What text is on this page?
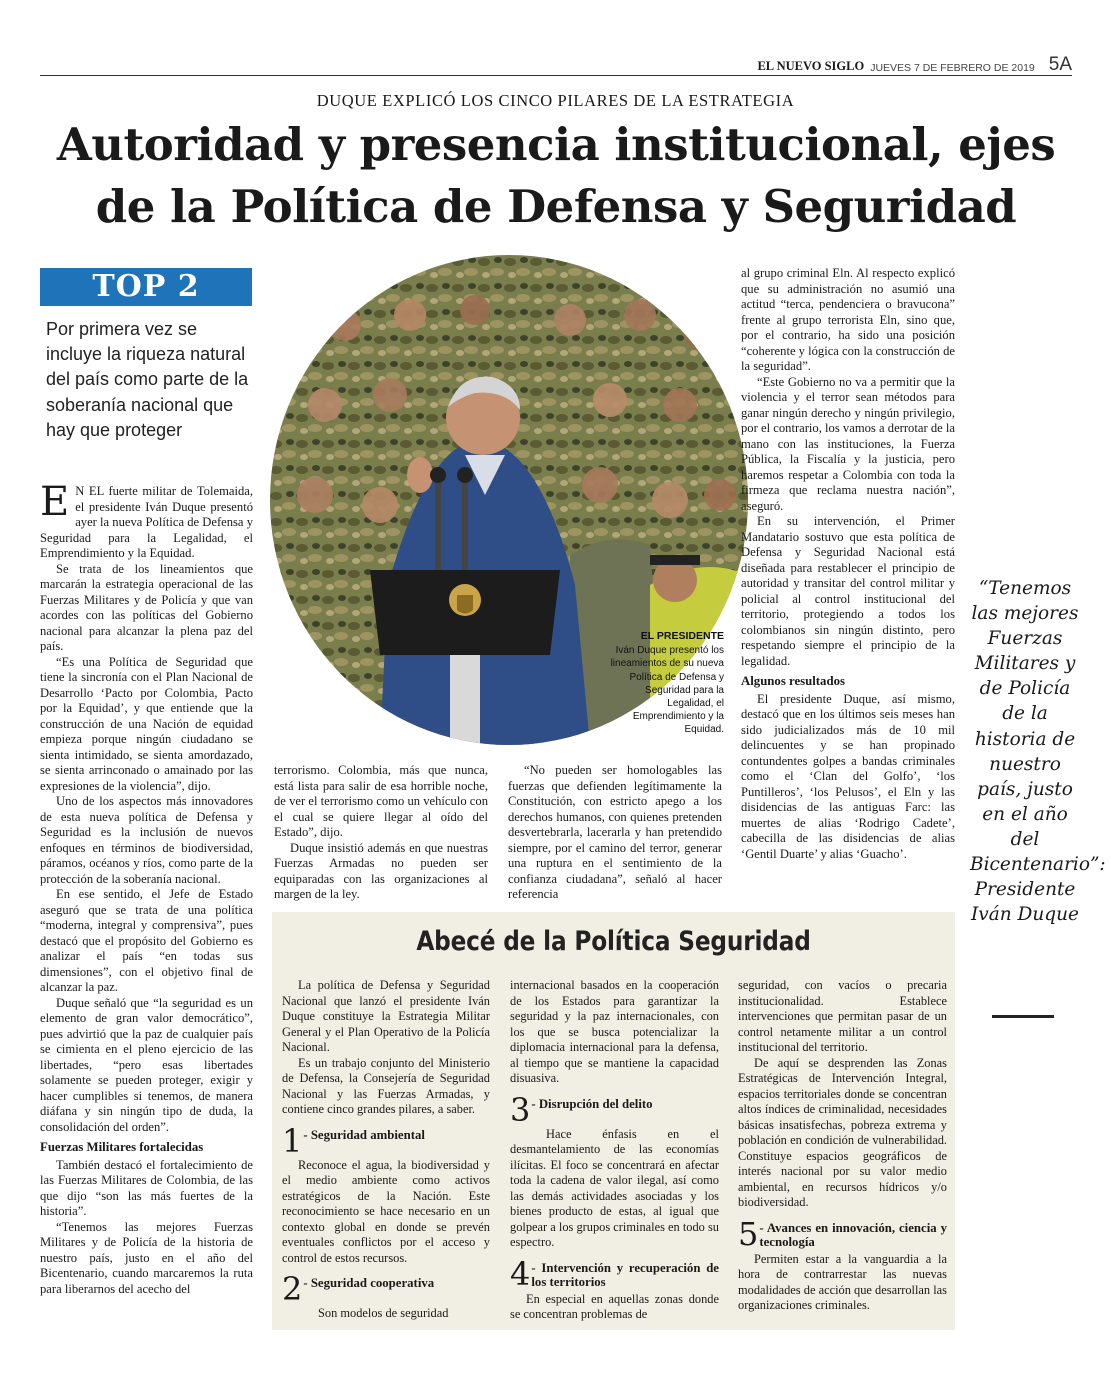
EL NUEVO SIGLO JUEVES 7 DE FEBRERO DE 2019 5A
DUQUE EXPLICÓ LOS CINCO PILARES DE LA ESTRATEGIA
Autoridad y presencia institucional, ejes
de la Política de Defensa y Seguridad
TOP 2
Por primera vez se incluye la riqueza natural del país como parte de la soberanía nacional que hay que proteger

E N EL fuerte militar de Tolemaida, el presidente Iván Duque presentó ayer la nueva Política de Defensa y Seguridad para la Legalidad, el Emprendimiento y la Equidad.

Se trata de los lineamientos que marcarán la estrategia operacional de las Fuerzas Militares y de Policía y que van acordes con las políticas del Gobierno nacional para alcanzar la plena paz del país.

“Es una Política de Seguridad que tiene la sincronía con el Plan Nacional de Desarrollo ‘Pacto por Colombia, Pacto por la Equidad’, y que entiende que la construcción de una Nación de equidad empieza porque ningún ciudadano se sienta intimidado, se sienta amordazado, se sienta arrinconado o amainado por las expresiones de la violencia”, dijo.

Uno de los aspectos más innovadores de esta nueva política de Defensa y Seguridad es la inclusión de nuevos enfoques en términos de biodiversidad, páramos, océanos y ríos, como parte de la protección de la soberanía nacional.

En ese sentido, el Jefe de Estado aseguró que se trata de una política “moderna, integral y comprensiva”, pues destacó que el propósito del Gobierno es analizar el país “en todas sus dimensiones”, con el objetivo final de alcanzar la paz.

Duque señaló que “la seguridad es un elemento de gran valor democrático”, pues advirtió que la paz de cualquier país se cimienta en el pleno ejercicio de las libertades, “pero esas libertades solamente se pueden proteger, exigir y hacer cumplibles si tenemos, de manera diáfana y sin ningún tipo de duda, la consolidación del orden”.

Fuerzas Militares fortalecidas

También destacó el fortalecimiento de las Fuerzas Militares de Colombia, de las que dijo “son las más fuertes de la historia”.

“Tenemos las mejores Fuerzas Militares y de Policía de la historia de nuestro país, justo en el año del Bicentenario, cuando marcaremos la ruta para liberarnos del acecho del

EL PRESIDENTE
Iván Duque presentó los lineamientos de su nueva Política de Defensa y Seguridad para la Legalidad, el Emprendimiento y la Equidad.

terrorismo. Colombia, más que nunca, está lista para salir de esa horrible noche, de ver el terrorismo como un vehículo con el cual se quiere llegar al oído del Estado”, dijo.

Duque insistió además en que nuestras Fuerzas Armadas no pueden ser equiparadas con las organizaciones al margen de la ley.

“No pueden ser homologables las fuerzas que defienden legítimamente la Constitución, con estricto apego a los derechos humanos, con quienes pretenden desvertebrarla, lacerarla y han pretendido siempre, por el camino del terror, generar una ruptura en el sentimiento de la confianza ciudadana”, señaló al hacer referencia

al grupo criminal Eln. Al respecto explicó que su administración no asumió una actitud “terca, pendenciera o bravucona” frente al grupo terrorista Eln, sino que, por el contrario, ha sido una posición “coherente y lógica con la construcción de la seguridad”.

“Este Gobierno no va a permitir que la violencia y el terror sean métodos para ganar ningún derecho y ningún privilegio, por el contrario, los vamos a derrotar de la mano con las instituciones, la Fuerza Pública, la Fiscalía y la justicia, pero haremos respetar a Colombia con toda la firmeza que reclama nuestra nación”, aseguró.

En su intervención, el Primer Mandatario sostuvo que esta política de Defensa y Seguridad Nacional está diseñada para restablecer el principio de autoridad y transitar del control militar y policial al control institucional del territorio, protegiendo a todos los colombianos sin ningún distinto, pero respetando siempre el principio de la legalidad.

Algunos resultados

El presidente Duque, así mismo, destacó que en los últimos seis meses han sido judicializados más de 10 mil delincuentes y se han propinado contundentes golpes a bandas criminales como el ‘Clan del Golfo’, ‘los Puntilleros’, ‘los Pelusos’, el Eln y las disidencias de las antiguas Farc: las muertes de alias ‘Rodrigo Cadete’, cabecilla de las disidencias de alias ‘Gentil Duarte’ y alias ‘Guacho’.

“Tenemos las mejores Fuerzas Militares y de Policía de la historia de nuestro país, justo en el año del Bicentenario”: Presidente Iván Duque
Abecé de la Política Seguridad

La política de Defensa y Seguridad Nacional que lanzó el presidente Iván Duque constituye la Estrategia Militar General y el Plan Operativo de la Policía Nacional.

Es un trabajo conjunto del Ministerio de Defensa, la Consejería de Seguridad Nacional y las Fuerzas Armadas, y contiene cinco grandes pilares, a saber.

1 - Seguridad ambiental

Reconoce el agua, la biodiversidad y el medio ambiente como activos estratégicos de la Nación. Este reconocimiento se hace necesario en un contexto global en donde se prevén eventuales conflictos por el acceso y control de estos recursos.

2 - Seguridad cooperativa

Son modelos de seguridad

internacional basados en la cooperación de los Estados para garantizar la seguridad y la paz internacionales, con los que se busca potencializar la diplomacia internacional para la defensa, al tiempo que se mantiene la capacidad disuasiva.

3 - Disrupción del delito

Hace énfasis en el desmantelamiento de las economías ilícitas. El foco se concentrará en afectar toda la cadena de valor ilegal, así como las demás actividades asociadas y los bienes producto de estas, al igual que golpear a los grupos criminales en todo su espectro.

4 - Intervención y recuperación de los territorios

En especial en aquellas zonas donde se concentran problemas de

seguridad, con vacíos o precaria institucionalidad. Establece intervenciones que permitan pasar de un control netamente militar a un control institucional del territorio.

De aquí se desprenden las Zonas Estratégicas de Intervención Integral, espacios territoriales donde se concentran altos índices de criminalidad, necesidades básicas insatisfechas, pobreza extrema y población en condición de vulnerabilidad. Constituye espacios geográficos de interés nacional por su valor medio ambiental, en recursos hídricos y/o biodiversidad.

5 - Avances en innovación, ciencia y tecnología

Permiten estar a la vanguardia a la hora de contrarrestar las nuevas modalidades de acción que desarrollan las organizaciones criminales.
